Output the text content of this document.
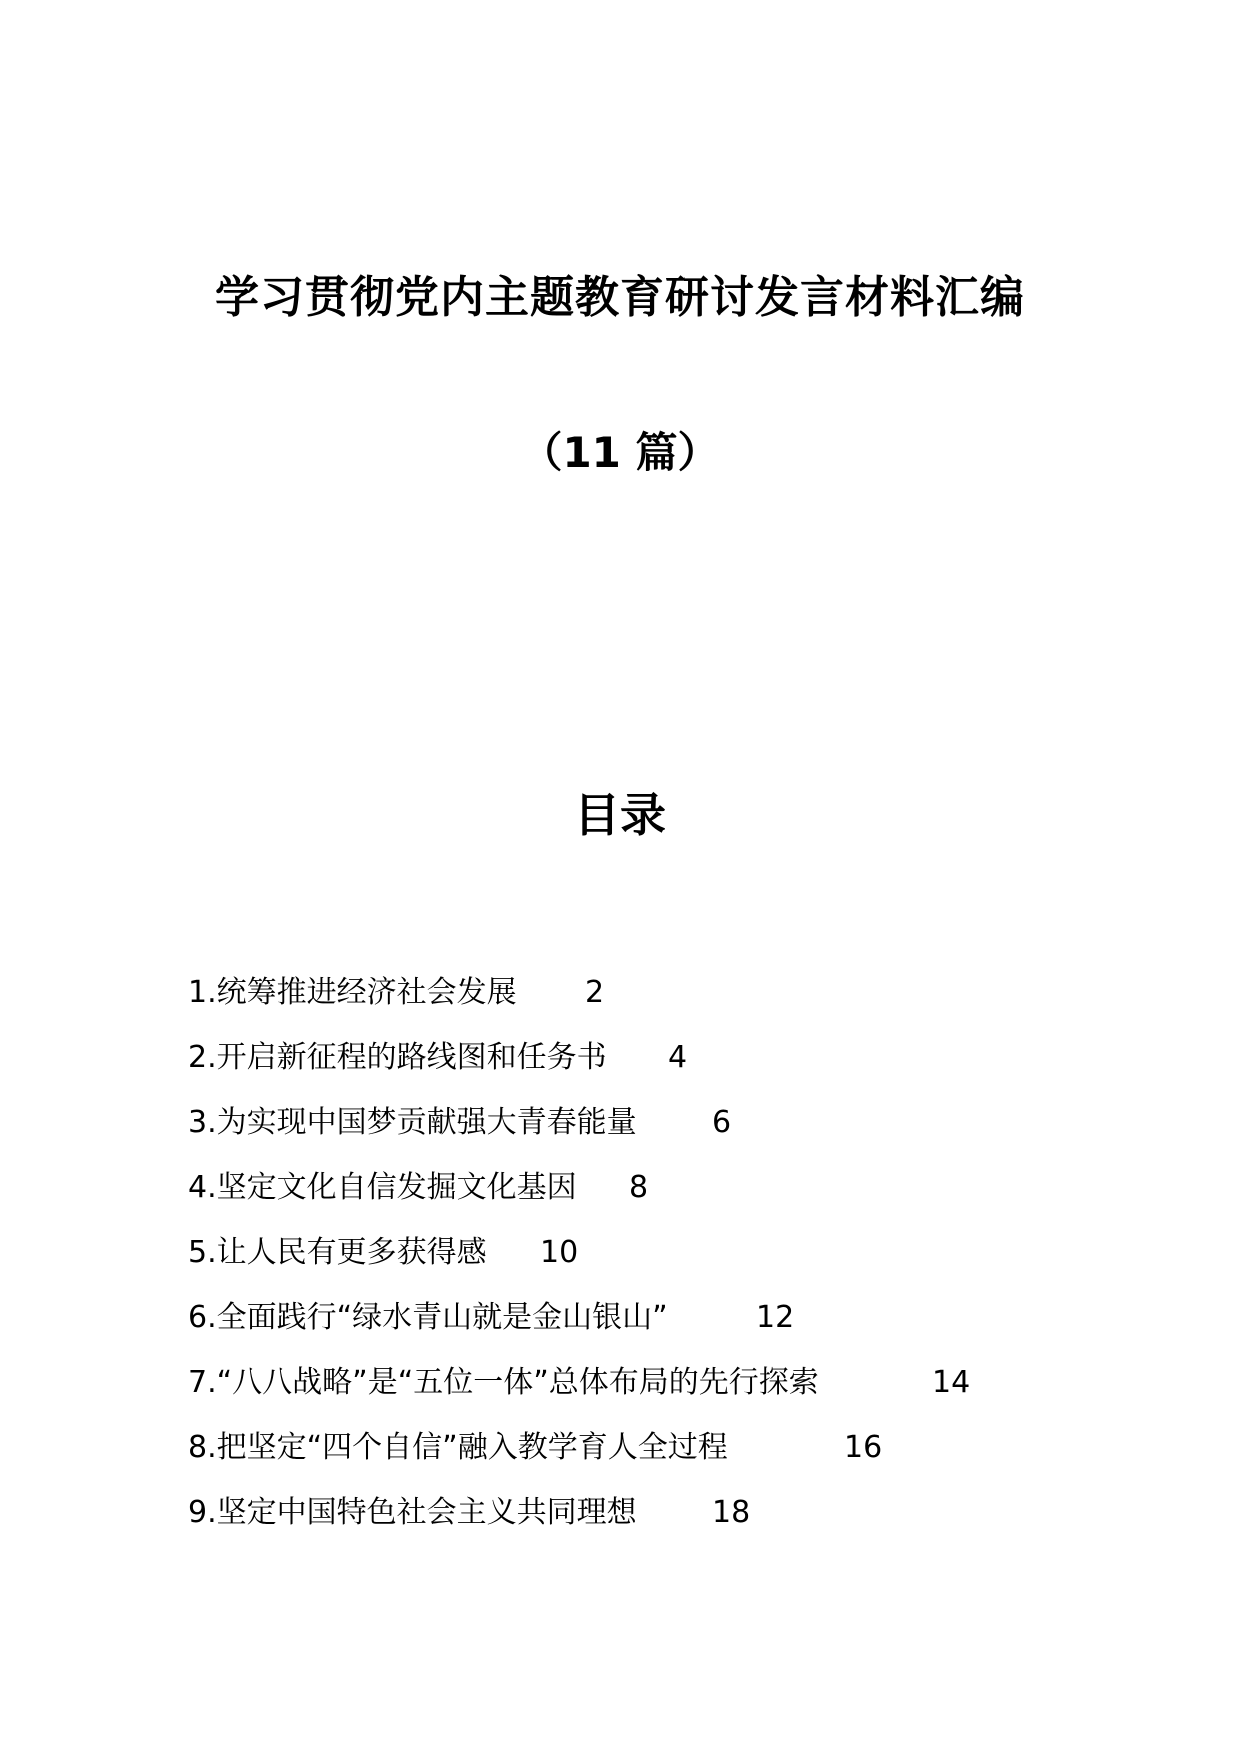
学习贯彻党内主题教育研讨发言材料汇编
（11 篇）
目录
1.统筹推进经济社会发展 2
2.开启新征程的路线图和任务书 4
3.为实现中国梦贡献强大青春能量	6
4.坚定文化自信发掘文化基因 8
5.让人民有更多获得感 10
6.全面践行“绿水青山就是金山银山”	12
7.“八八战略”是“五位一体”总体布局的先行探索	14
8.把坚定“四个自信”融入教学育人全过程	16
9.坚定中国特色社会主义共同理想	18
